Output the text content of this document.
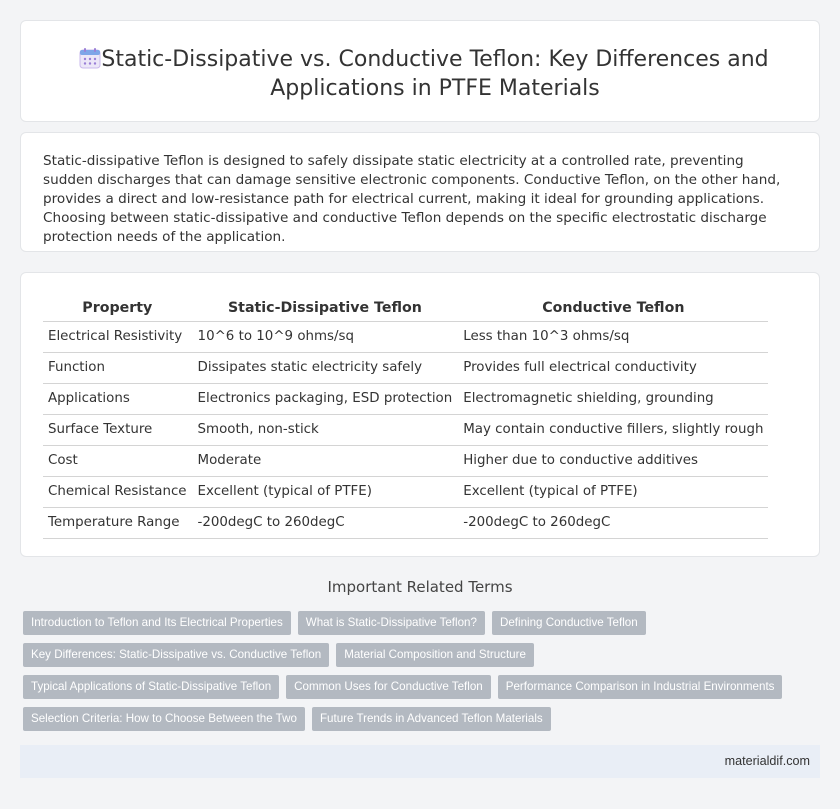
Static-Dissipative vs. Conductive Teflon: Key Differences and Applications in PTFE Materials

Static-dissipative Teflon is designed to safely dissipate static electricity at a controlled rate, preventing sudden discharges that can damage sensitive electronic components. Conductive Teflon, on the other hand, provides a direct and low-resistance path for electrical current, making it ideal for grounding applications. Choosing between static-dissipative and conductive Teflon depends on the specific electrostatic discharge protection needs of the application.

Property	Static-Dissipative Teflon	Conductive Teflon
Electrical Resistivity	10^6 to 10^9 ohms/sq	Less than 10^3 ohms/sq
Function	Dissipates static electricity safely	Provides full electrical conductivity
Applications	Electronics packaging, ESD protection	Electromagnetic shielding, grounding
Surface Texture	Smooth, non-stick	May contain conductive fillers, slightly rough
Cost	Moderate	Higher due to conductive additives
Chemical Resistance	Excellent (typical of PTFE)	Excellent (typical of PTFE)
Temperature Range	-200degC to 260degC	-200degC to 260degC
Important Related Terms
Introduction to Teflon and Its Electrical Properties What is Static-Dissipative Teflon? Defining Conductive Teflon
Key Differences: Static-Dissipative vs. Conductive Teflon Material Composition and Structure
Typical Applications of Static-Dissipative Teflon Common Uses for Conductive Teflon Performance Comparison in Industrial Environments
Selection Criteria: How to Choose Between the Two Future Trends in Advanced Teflon Materials
materialdif.com
